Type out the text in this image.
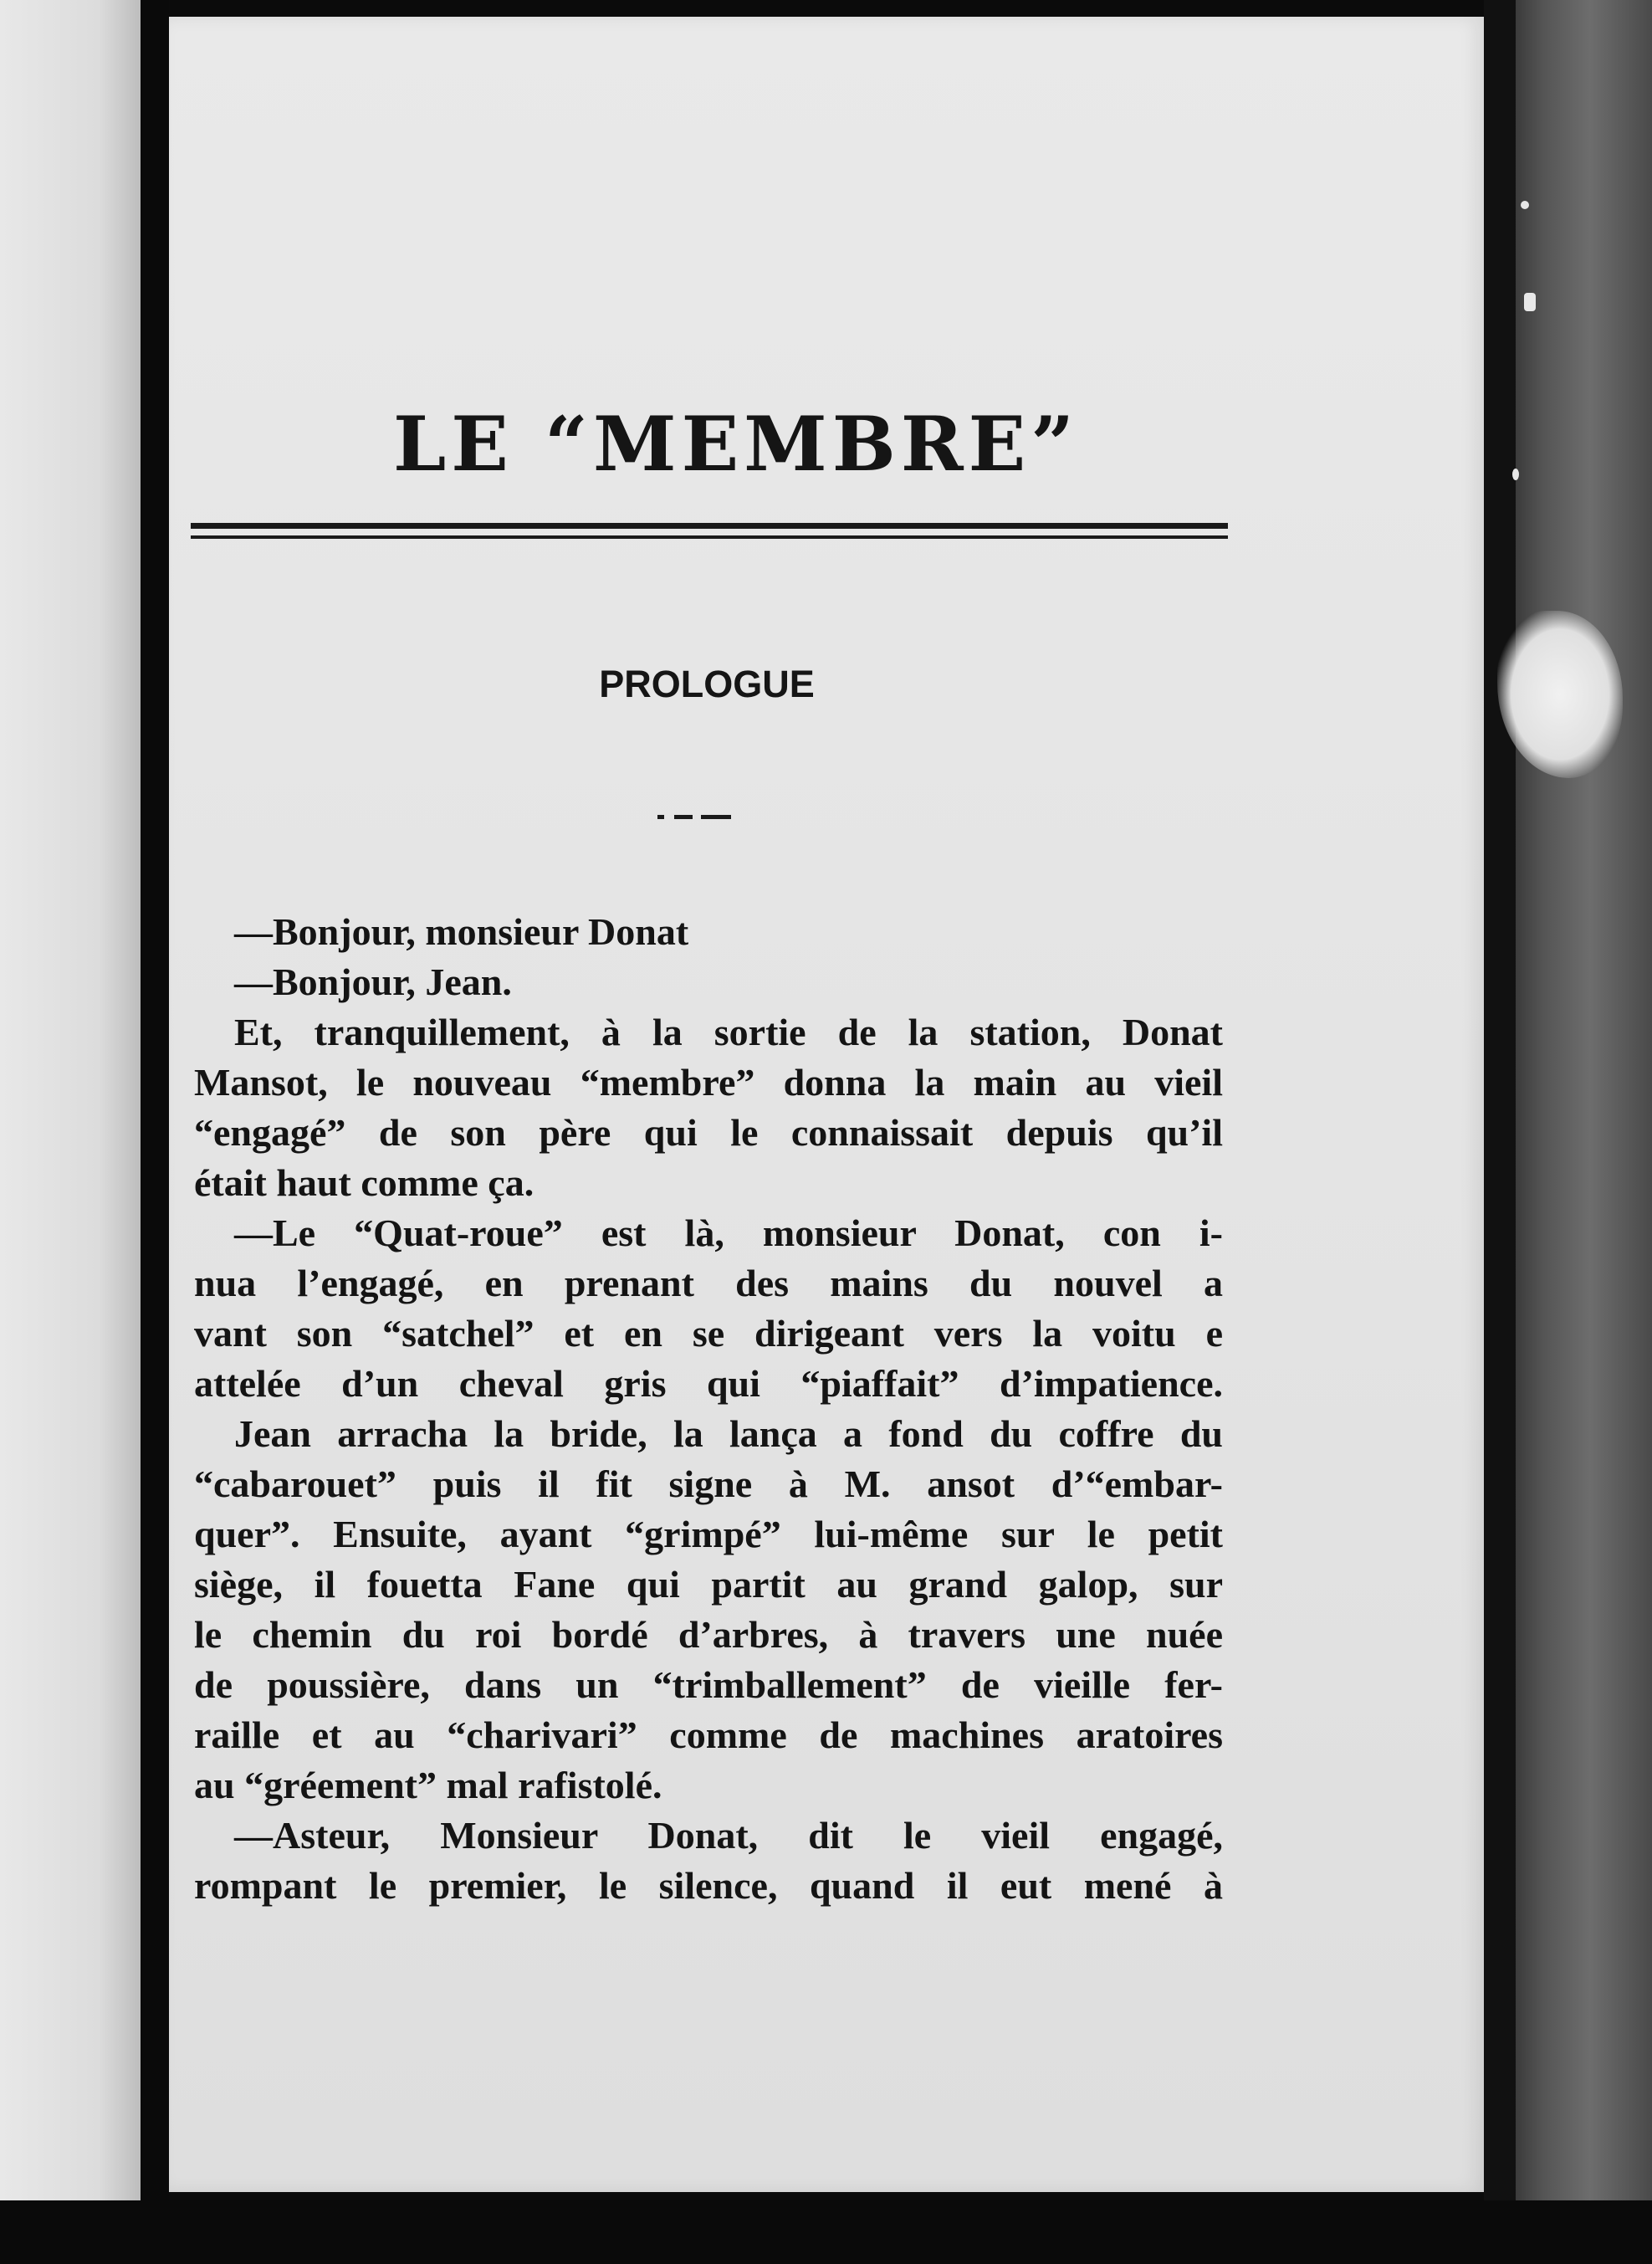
LE “MEMBRE”
PROLOGUE
—Bonjour, monsieur Donat
—Bonjour, Jean.
Et, tranquillement, à la sortie de la station, Donat
Mansot, le nouveau “membre” donna la main au vieil
“engagé” de son père qui le connaissait depuis qu’il
était haut comme ça.
—Le “Quat-roue” est là, monsieur Donat, con i-
nua l’engagé, en prenant des mains du nouvel a
vant son “satchel” et en se dirigeant vers la voitu e
attelée d’un cheval gris qui “piaffait” d’impatience.
Jean arracha la bride, la lança a fond du coffre du
“cabarouet” puis il fit signe à M. ansot d’“embar-
quer”. Ensuite, ayant “grimpé” lui-même sur le petit
siège, il fouetta Fane qui partit au grand galop, sur
le chemin du roi bordé d’arbres, à travers une nuée
de poussière, dans un “trimballement” de vieille fer-
raille et au “charivari” comme de machines aratoires
au “gréement” mal rafistolé.
—Asteur, Monsieur Donat, dit le vieil engagé,
rompant le premier, le silence, quand il eut mené à
